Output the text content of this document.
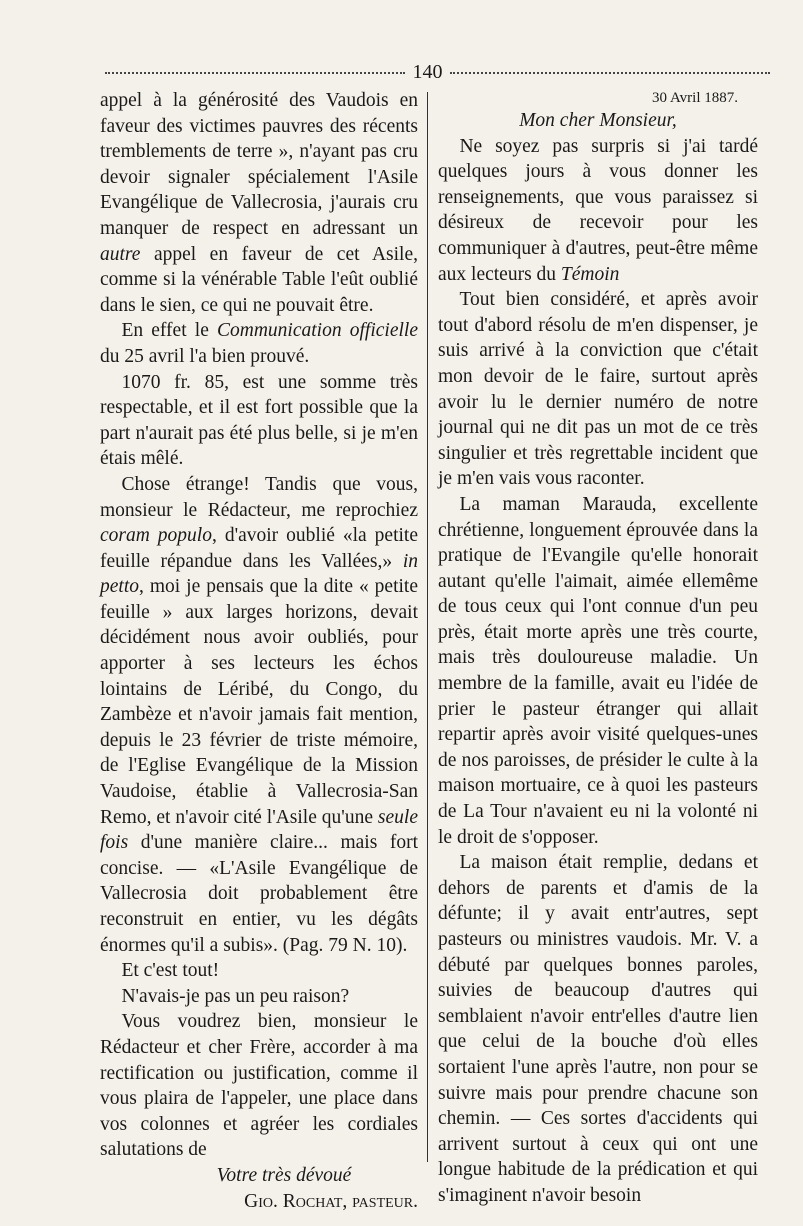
140

appel à la générosité des Vaudois en faveur des victimes pauvres des récents tremblements de terre », n'ayant pas cru devoir signaler spécialement l'Asile Evangélique de Vallecrosia, j'aurais cru manquer de respect en adressant un autre appel en faveur de cet Asile, comme si la vénérable Table l'eût oublié dans le sien, ce qui ne pouvait être.

En effet le Communication officielle du 25 avril l'a bien prouvé.

1070 fr. 85, est une somme très respectable, et il est fort possible que la part n'aurait pas été plus belle, si je m'en étais mêlé.

Chose étrange! Tandis que vous, monsieur le Rédacteur, me reprochiez coram populo, d'avoir oublié «la petite feuille répandue dans les Vallées,» in petto, moi je pensais que la dite « petite feuille » aux larges horizons, devait décidément nous avoir oubliés, pour apporter à ses lecteurs les échos lointains de Léribé, du Congo, du Zambèze et n'avoir jamais fait mention, depuis le 23 février de triste mémoire, de l'Eglise Evangélique de la Mission Vaudoise, établie à Vallecrosia-San Remo, et n'avoir cité l'Asile qu'une seule fois d'une manière claire... mais fort concise. — «L'Asile Evangélique de Vallecrosia doit probablement être reconstruit en entier, vu les dégâts énormes qu'il a subis». (Pag. 79 N. 10).

Et c'est tout!

N'avais-je pas un peu raison?

Vous voudrez bien, monsieur le Rédacteur et cher Frère, accorder à ma rectification ou justification, comme il vous plaira de l'appeler, une place dans vos colonnes et agréer les cordiales salutations de

Votre très dévoué

Gio. Rochat, pasteur.

30 Avril 1887.

Mon cher Monsieur,

Ne soyez pas surpris si j'ai tardé quelques jours à vous donner les renseignements, que vous paraissez si désireux de recevoir pour les communiquer à d'autres, peut-être même aux lecteurs du Témoin

Tout bien considéré, et après avoir tout d'abord résolu de m'en dispenser, je suis arrivé à la conviction que c'était mon devoir de le faire, surtout après avoir lu le dernier numéro de notre journal qui ne dit pas un mot de ce très singulier et très regrettable incident que je m'en vais vous raconter.

La maman Marauda, excellente chrétienne, longuement éprouvée dans la pratique de l'Evangile qu'elle honorait autant qu'elle l'aimait, aimée ellemême de tous ceux qui l'ont connue d'un peu près, était morte après une très courte, mais très douloureuse maladie. Un membre de la famille, avait eu l'idée de prier le pasteur étranger qui allait repartir après avoir visité quelques-unes de nos paroisses, de présider le culte à la maison mortuaire, ce à quoi les pasteurs de La Tour n'avaient eu ni la volonté ni le droit de s'opposer.

La maison était remplie, dedans et dehors de parents et d'amis de la défunte; il y avait entr'autres, sept pasteurs ou ministres vaudois. Mr. V. a débuté par quelques bonnes paroles, suivies de beaucoup d'autres qui semblaient n'avoir entr'elles d'autre lien que celui de la bouche d'où elles sortaient l'une après l'autre, non pour se suivre mais pour prendre chacune son chemin. — Ces sortes d'accidents qui arrivent surtout à ceux qui ont une longue habitude de la prédication et qui s'imaginent n'avoir besoin
